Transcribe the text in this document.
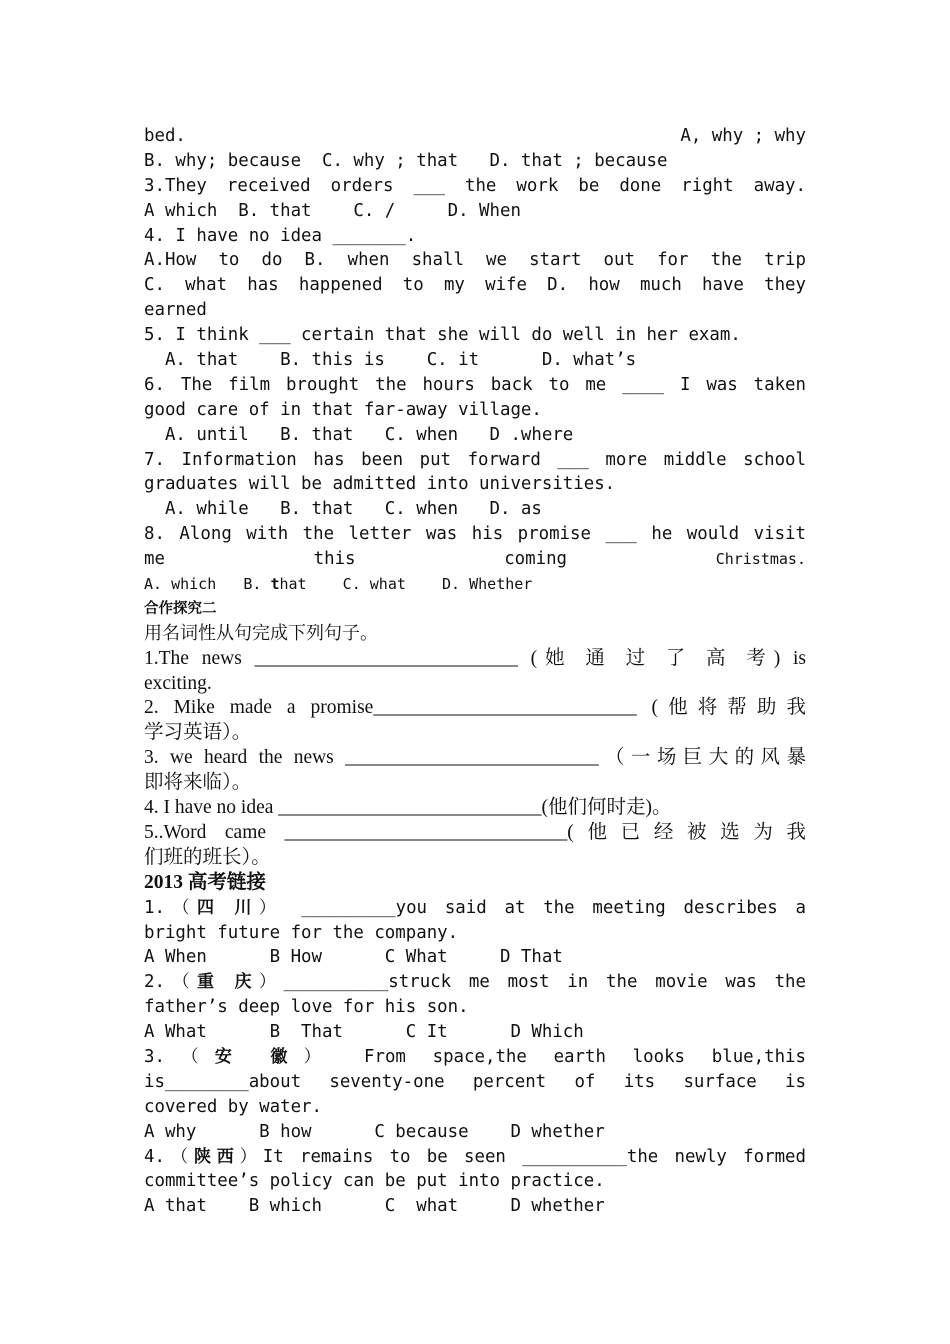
bed.	A, why ; why
B. why; because  C. why ; that   D. that ; because
3.They received orders ___ the work be done right away.
A which  B. that    C. /     D. When
4. I have no idea _______.
A.How to do B. when shall we start out for the trip
C. what has happened to my wife D. how much have they
earned
5. I think ___ certain that she will do well in her exam.
A. that    B. this is    C. it      D. what’s
6. The film brought the hours back to me ____ I was taken
good care of in that far-away village.
A. until   B. that   C. when   D .where
7. Information has been put forward ___ more middle school
graduates will be admitted into universities.
A. while   B. that   C. when   D. as
8. Along with the letter was his promise ___ he would visit
me	this	coming	Christmas.
A. which   B. that    C. what    D. Whether
合作探究二
用名词性从句完成下列句子。
1.The news ___________________________ (她 通 过 了 高 考) is
exciting.
2. Mike made a promise___________________________ (他将帮助我
学习英语）。
3. we heard the news __________________________（一场巨大的风暴
即将来临）。
4. I have no idea ___________________________(他们何时走)。
5..Word came _____________________________(他已经被选为我
们班的班长）。
2013 高考链接
1.（四 川） _________you said at the meeting describes a
bright future for the company.
A When      B How      C What     D That
2.（重 庆）__________struck me most in the movie was the
father’s deep love for his son.
A What      B  That      C It      D Which
3.（安 徽） From space,the earth looks blue,this
is________about seventy-one percent of its surface is
covered by water.
A why      B how      C because    D whether
4.（陕西）It remains to be seen __________the newly formed
committee’s policy can be put into practice.
A that    B which      C  what     D whether
